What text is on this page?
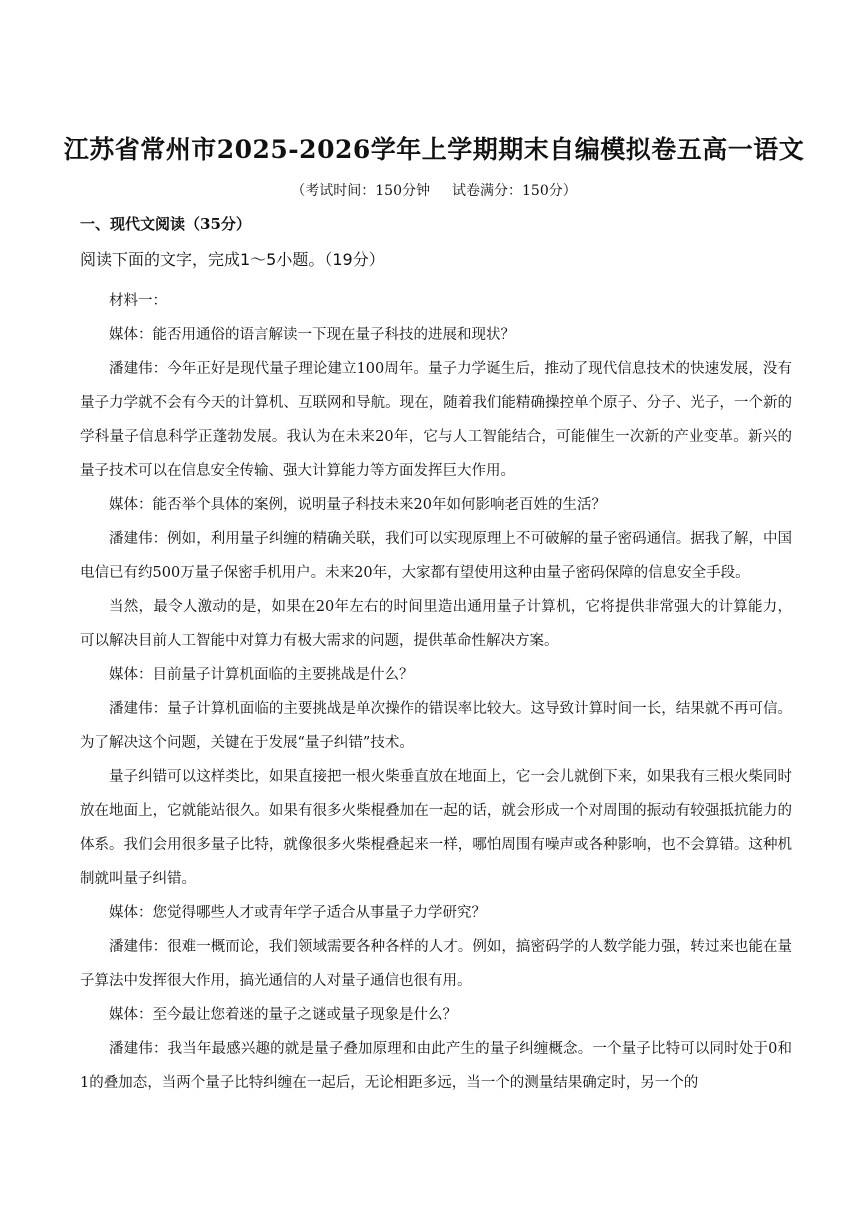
江苏省常州市2025-2026学年上学期期末自编模拟卷五高一语文
（考试时间：150分钟 试卷满分：150分）
一、现代文阅读（35分）
阅读下面的文字，完成1～5小题。（19分）

材料一：

媒体：能否用通俗的语言解读一下现在量子科技的进展和现状？

潘建伟：今年正好是现代量子理论建立100周年。量子力学诞生后，推动了现代信息技术的快速发展，没有量子力学就不会有今天的计算机、互联网和导航。现在，随着我们能精确操控单个原子、分子、光子，一个新的学科量子信息科学正蓬勃发展。我认为在未来20年，它与人工智能结合，可能催生一次新的产业变革。新兴的量子技术可以在信息安全传输、强大计算能力等方面发挥巨大作用。

媒体：能否举个具体的案例，说明量子科技未来20年如何影响老百姓的生活？

潘建伟：例如，利用量子纠缠的精确关联，我们可以实现原理上不可破解的量子密码通信。据我了解，中国电信已有约500万量子保密手机用户。未来20年，大家都有望使用这种由量子密码保障的信息安全手段。

当然，最令人激动的是，如果在20年左右的时间里造出通用量子计算机，它将提供非常强大的计算能力，可以解决目前人工智能中对算力有极大需求的问题，提供革命性解决方案。

媒体：目前量子计算机面临的主要挑战是什么？

潘建伟：量子计算机面临的主要挑战是单次操作的错误率比较大。这导致计算时间一长，结果就不再可信。为了解决这个问题，关键在于发展“量子纠错”技术。

量子纠错可以这样类比，如果直接把一根火柴垂直放在地面上，它一会儿就倒下来，如果我有三根火柴同时放在地面上，它就能站很久。如果有很多火柴棍叠加在一起的话，就会形成一个对周围的振动有较强抵抗能力的体系。我们会用很多量子比特，就像很多火柴棍叠起来一样，哪怕周围有噪声或各种影响，也不会算错。这种机制就叫量子纠错。

媒体：您觉得哪些人才或青年学子适合从事量子力学研究？

潘建伟：很难一概而论，我们领域需要各种各样的人才。例如，搞密码学的人数学能力强，转过来也能在量子算法中发挥很大作用，搞光通信的人对量子通信也很有用。

媒体：至今最让您着迷的量子之谜或量子现象是什么？

潘建伟：我当年最感兴趣的就是量子叠加原理和由此产生的量子纠缠概念。一个量子比特可以同时处于0和1的叠加态，当两个量子比特纠缠在一起后，无论相距多远，当一个的测量结果确定时，另一个的
